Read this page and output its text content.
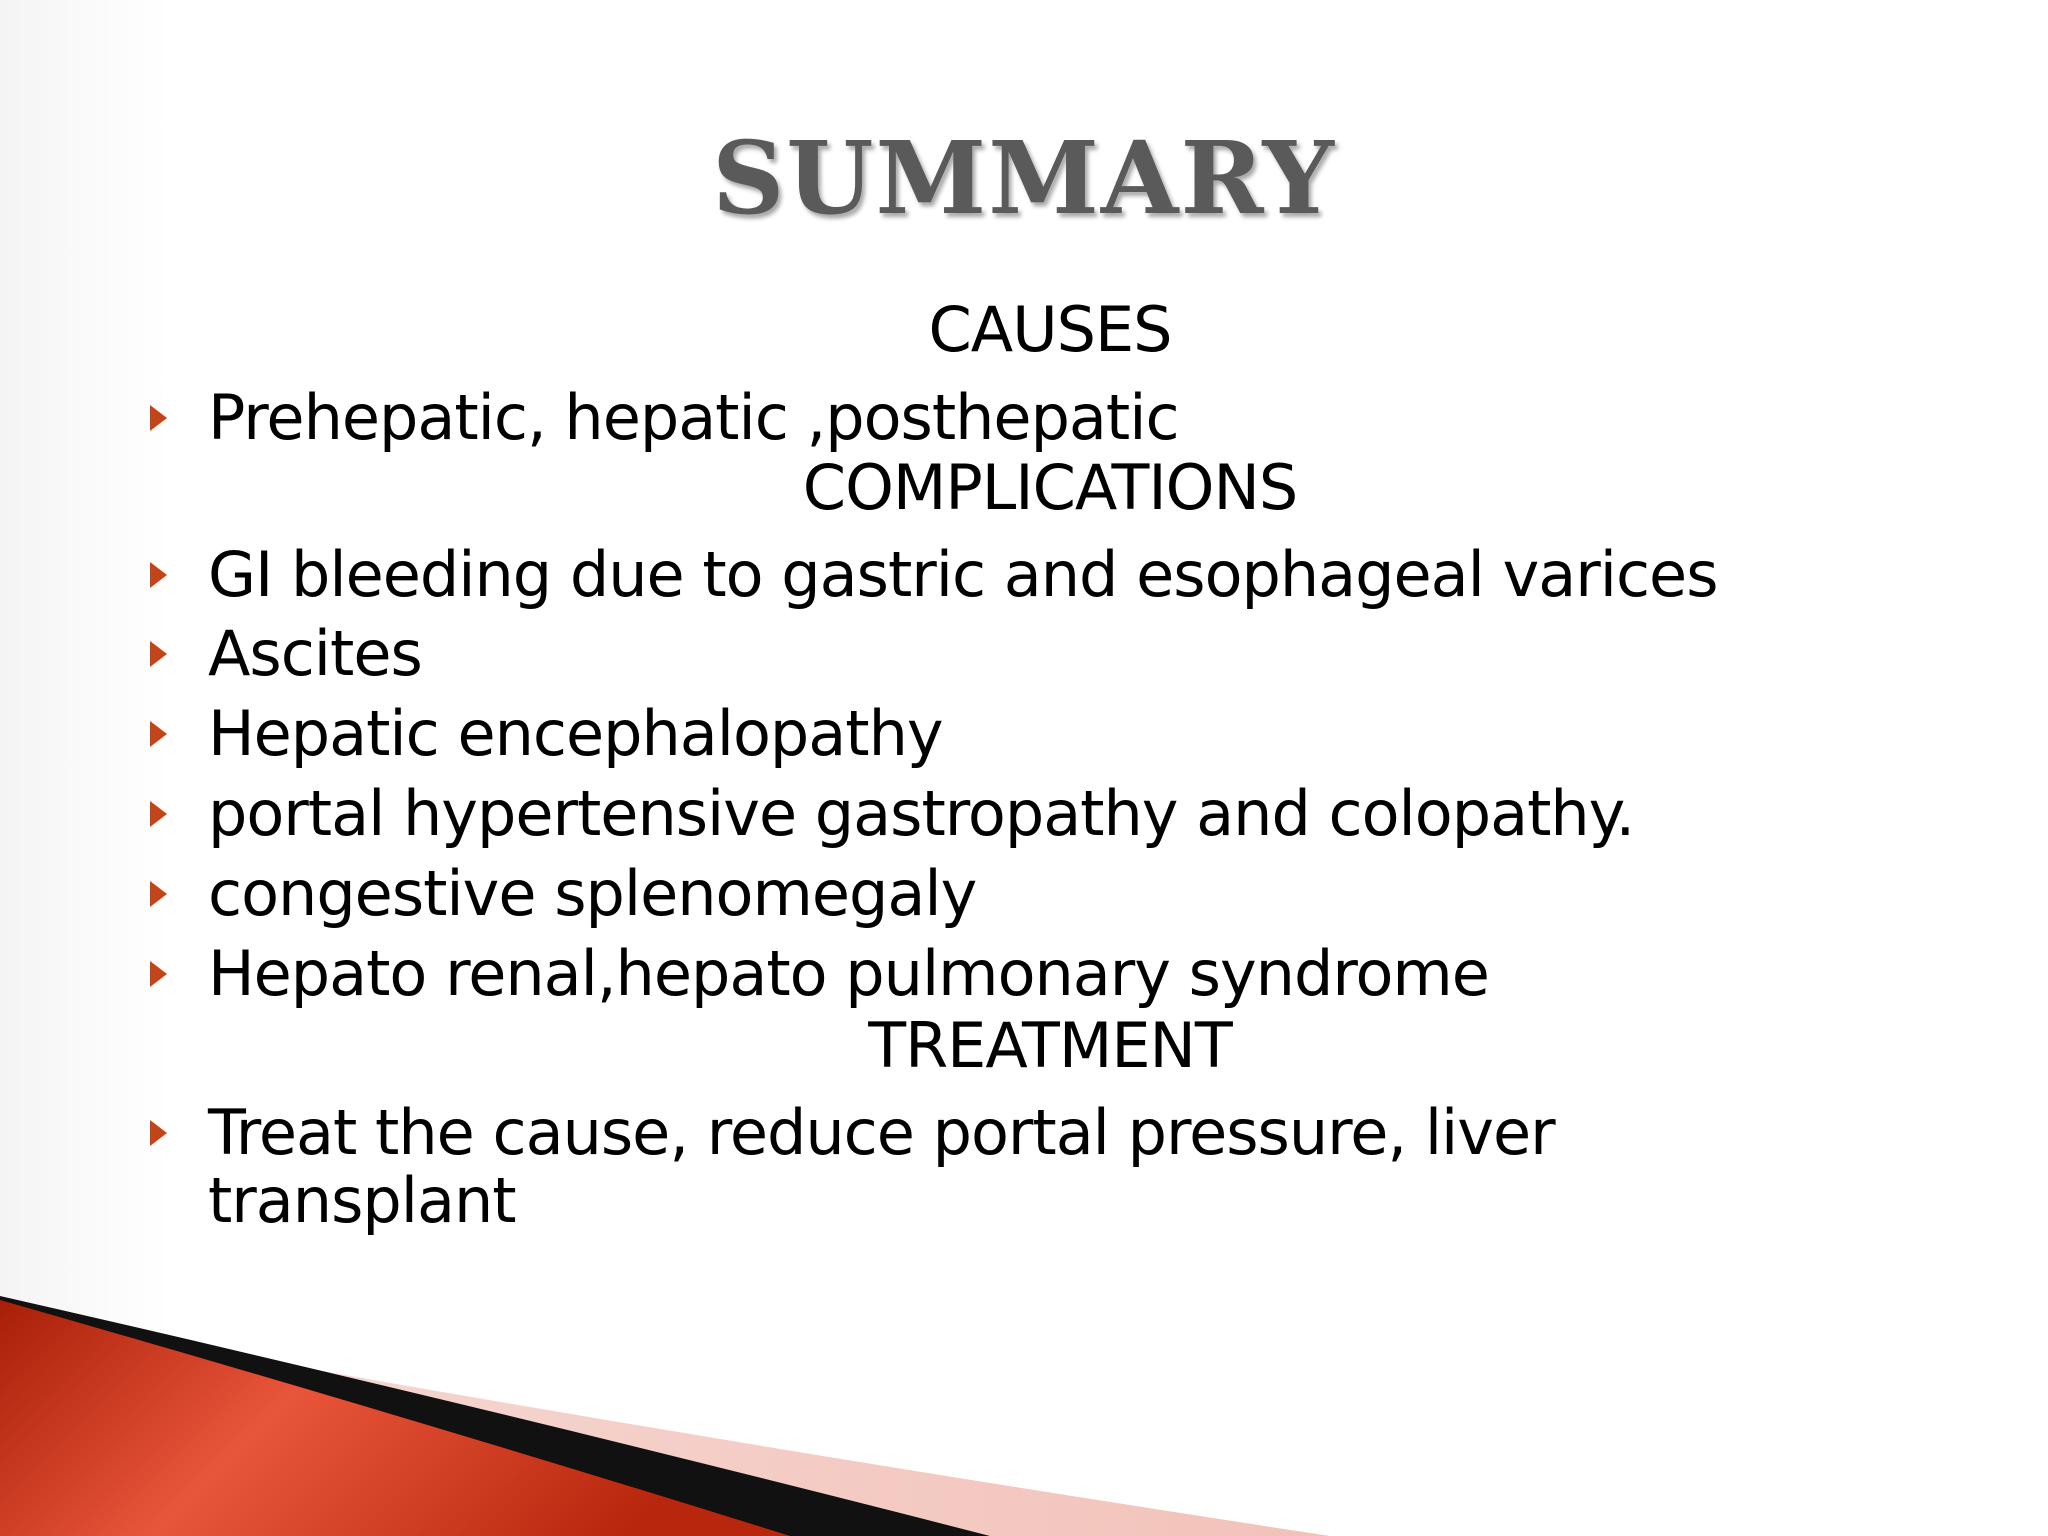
SUMMARY
CAUSES
Prehepatic, hepatic ,posthepatic
COMPLICATIONS
GI bleeding due to gastric and esophageal varices
Ascites
Hepatic encephalopathy
portal hypertensive gastropathy and colopathy.
congestive splenomegaly
Hepato renal,hepato pulmonary syndrome
TREATMENT
Treat the cause, reduce portal pressure, liver transplant
